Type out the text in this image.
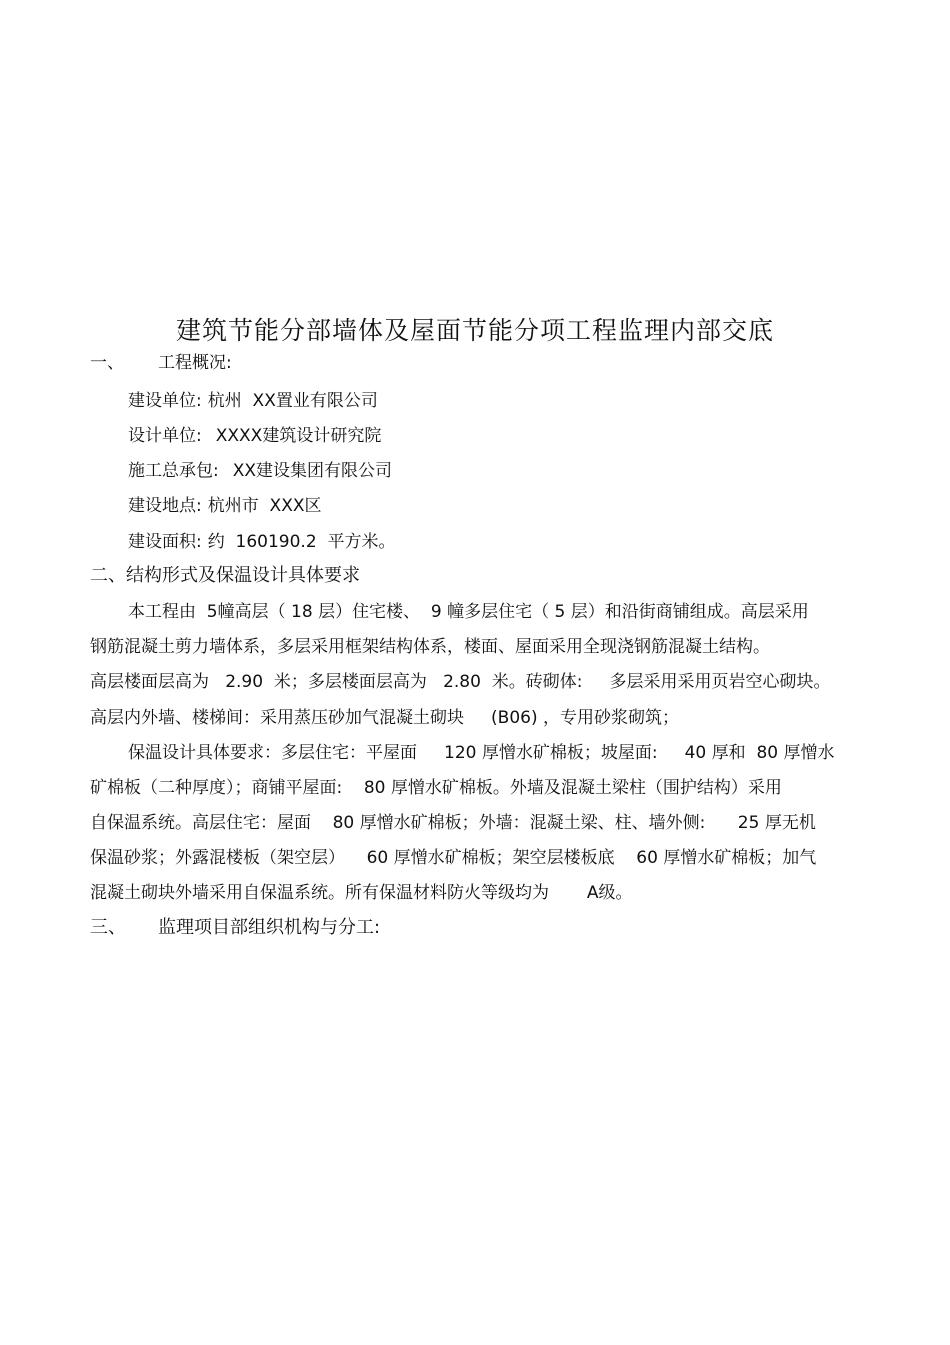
建筑节能分部墙体及屋面节能分项工程监理内部交底
一、 工程概况:
建设单位: 杭州  XX置业有限公司
设计单位: XXXX建筑设计研究院
施工总承包: XX建设集团有限公司
建设地点: 杭州市  XXX区
建设面积: 约  160190.2  平方米。
二、结构形式及保温设计具体要求
本工程由  5幢高层（ 18 层）住宅楼、  9 幢多层住宅（ 5 层）和沿街商铺组成。高层采用
钢筋混凝土剪力墙体系，多层采用框架结构体系，楼面、屋面采用全现浇钢筋混凝土结构。
高层楼面层高为   2.90  米；多层楼面层高为   2.80  米。砖砌体:     多层采用采用页岩空心砌块。
高层内外墙、楼梯间：采用蒸压砂加气混凝土砌块     (B06) ，专用砂浆砌筑；
保温设计具体要求：多层住宅：平屋面     120 厚憎水矿棉板；坡屋面:     40 厚和  80 厚憎水
矿棉板（二种厚度）；商铺平屋面:    80 厚憎水矿棉板。外墙及混凝土梁柱（围护结构）采用
自保温系统。高层住宅：屋面    80 厚憎水矿棉板；外墙：混凝土梁、柱、墙外侧:      25 厚无机
保温砂浆；外露混楼板（架空层）    60 厚憎水矿棉板；架空层楼板底    60 厚憎水矿棉板；加气
混凝土砌块外墙采用自保温系统。所有保温材料防火等级均为       A级。
三、 监理项目部组织机构与分工:
